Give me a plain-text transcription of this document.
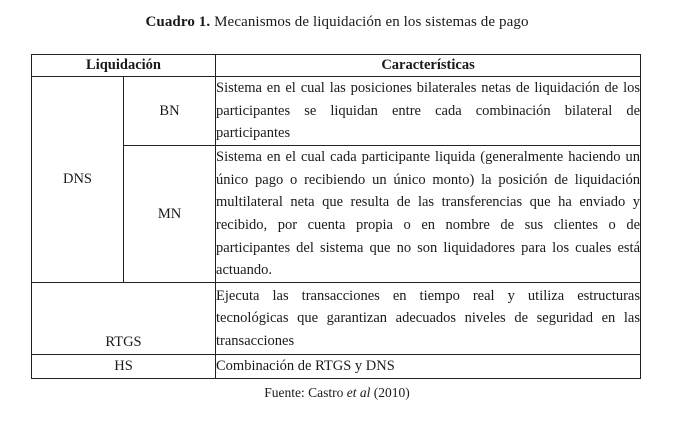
Cuadro 1. Mecanismos de liquidación en los sistemas de pago
Liquidación		Características
DNS	BN	Sistema en el cual las posiciones bilaterales netas de liquidación de los participantes se liquidan entre cada combinación bilateral de participantes
	MN	Sistema en el cual cada participante liquida (generalmente haciendo un único pago o recibiendo un único monto) la posición de liquidación multilateral neta que resulta de las transferencias que ha enviado y recibido, por cuenta propia o en nombre de sus clientes o de participantes del sistema que no son liquidadores para los cuales está actuando.
RTGS		Ejecuta las transacciones en tiempo real y utiliza estructuras tecnológicas que garantizan adecuados niveles de seguridad en las transacciones
HS		Combinación de RTGS y DNS
Fuente: Castro et al (2010)
